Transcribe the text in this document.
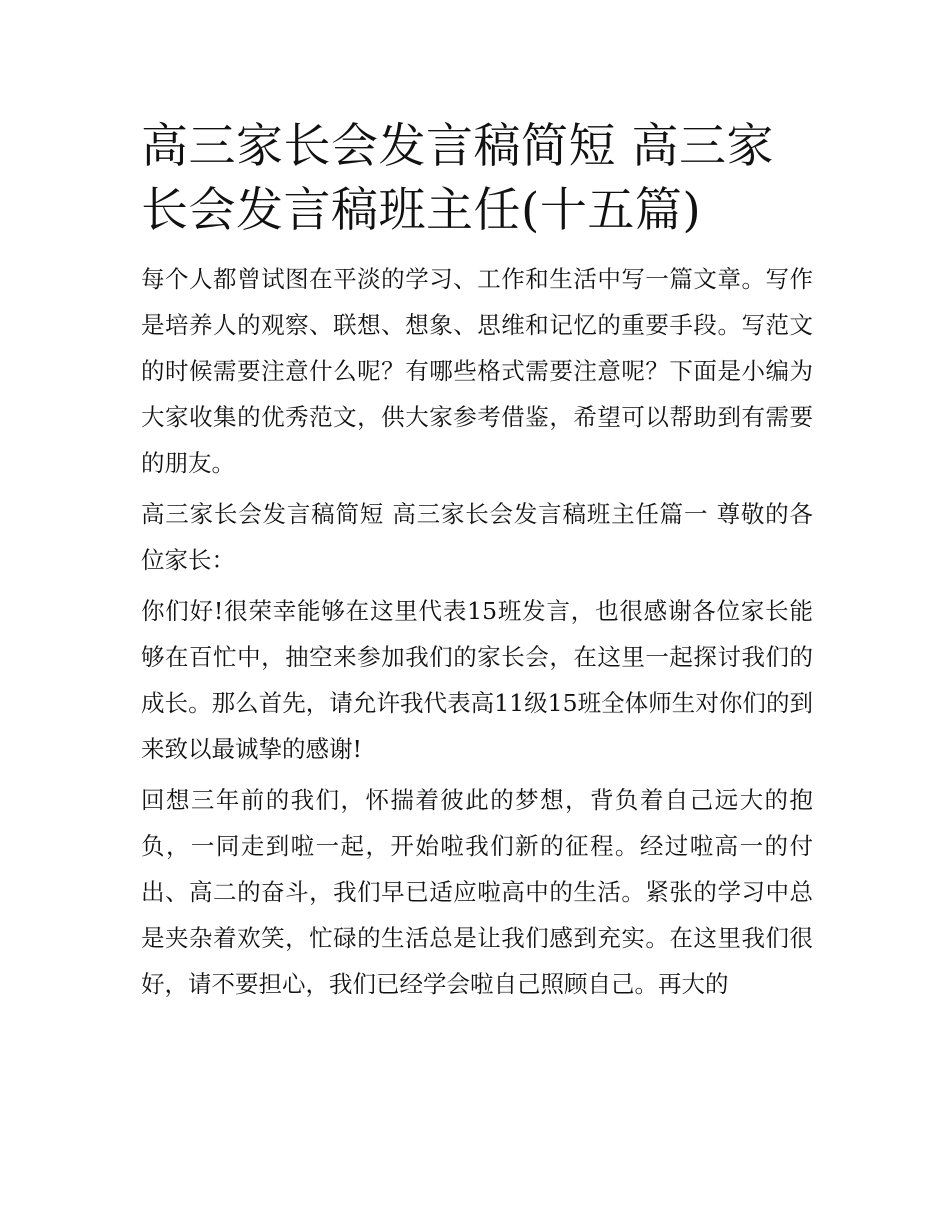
高三家长会发言稿简短 高三家长会发言稿班主任(十五篇)

每个人都曾试图在平淡的学习、工作和生活中写一篇文章。写作是培养人的观察、联想、想象、思维和记忆的重要手段。写范文的时候需要注意什么呢？有哪些格式需要注意呢？下面是小编为大家收集的优秀范文，供大家参考借鉴，希望可以帮助到有需要的朋友。

高三家长会发言稿简短 高三家长会发言稿班主任篇一 尊敬的各位家长：

你们好!很荣幸能够在这里代表15班发言，也很感谢各位家长能够在百忙中，抽空来参加我们的家长会，在这里一起探讨我们的成长。那么首先，请允许我代表高11级15班全体师生对你们的到来致以最诚挚的感谢!

回想三年前的我们，怀揣着彼此的梦想，背负着自己远大的抱负，一同走到啦一起，开始啦我们新的征程。经过啦高一的付出、高二的奋斗，我们早已适应啦高中的生活。紧张的学习中总是夹杂着欢笑，忙碌的生活总是让我们感到充实。在这里我们很好，请不要担心，我们已经学会啦自己照顾自己。再大的
